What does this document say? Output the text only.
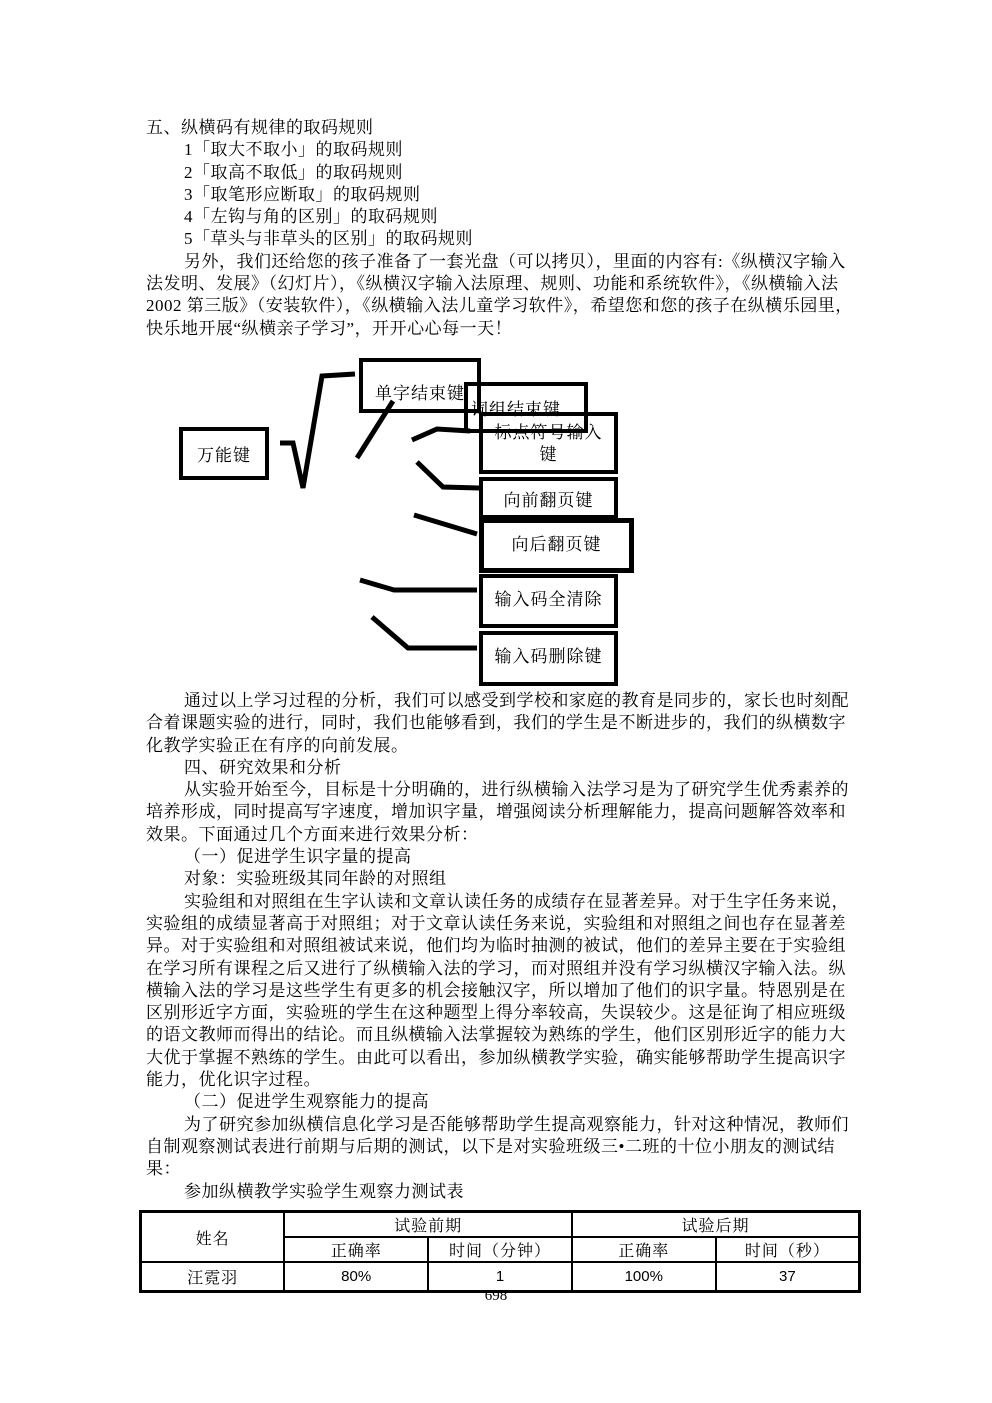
五、纵横码有规律的取码规则
1「取大不取小」的取码规则
2「取高不取低」的取码规则
3「取笔形应断取」的取码规则
4「左钩与角的区别」的取码规则
5「草头与非草头的区别」的取码规则
另外，我们还给您的孩子准备了一套光盘（可以拷贝），里面的内容有:《纵横汉字输入
法发明、发展》（幻灯片），《纵横汉字输入法原理、规则、功能和系统软件》，《纵横输入法
2002 第三版》（安装软件），《纵横输入法儿童学习软件》，希望您和您的孩子在纵横乐园里，
快乐地开展“纵横亲子学习”，开开心心每一天！
万能键
单字结束键
标点符号输入
键
词组结束键
向前翻页键
向后翻页键
输入码全清除
输入码删除键
通过以上学习过程的分析，我们可以感受到学校和家庭的教育是同步的，家长也时刻配
合着课题实验的进行，同时，我们也能够看到，我们的学生是不断进步的，我们的纵横数字
化教学实验正在有序的向前发展。
四、研究效果和分析
从实验开始至今，目标是十分明确的，进行纵横输入法学习是为了研究学生优秀素养的
培养形成，同时提高写字速度，增加识字量，增强阅读分析理解能力，提高问题解答效率和
效果。下面通过几个方面来进行效果分析：
（一）促进学生识字量的提高
对象：实验班级其同年龄的对照组
实验组和对照组在生字认读和文章认读任务的成绩存在显著差异。对于生字任务来说，
实验组的成绩显著高于对照组；对于文章认读任务来说，实验组和对照组之间也存在显著差
异。对于实验组和对照组被试来说，他们均为临时抽测的被试，他们的差异主要在于实验组
在学习所有课程之后又进行了纵横输入法的学习，而对照组并没有学习纵横汉字输入法。纵
横输入法的学习是这些学生有更多的机会接触汉字，所以增加了他们的识字量。特恩别是在
区别形近字方面，实验班的学生在这种题型上得分率较高，失误较少。这是征询了相应班级
的语文教师而得出的结论。而且纵横输入法掌握较为熟练的学生，他们区别形近字的能力大
大优于掌握不熟练的学生。由此可以看出，参加纵横教学实验，确实能够帮助学生提高识字
能力，优化识字过程。
（二）促进学生观察能力的提高
为了研究参加纵横信息化学习是否能够帮助学生提高观察能力，针对这种情况，教师们
自制观察测试表进行前期与后期的测试，以下是对实验班级三•二班的十位小朋友的测试结
果：
参加纵横教学实验学生观察力测试表
姓名	试验前期		试验后期	
	正确率	时间（分钟）	正确率	时间（秒）
汪霓羽	80%	1	100%	37
698
